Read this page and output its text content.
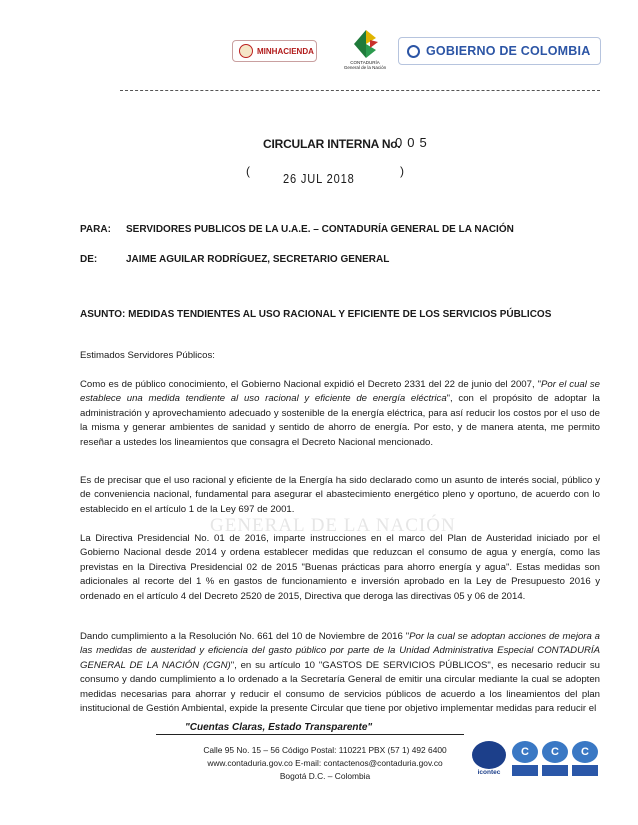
MINHACIENDA
CONTADURÍA
General de la Nación
GOBIERNO DE COLOMBIA
CIRCULAR INTERNA No.
005
(	26 JUL 2018	)
PARA: SERVIDORES PUBLICOS DE LA U.A.E. – CONTADURÍA GENERAL DE LA NACIÓN
DE:	JAIME AGUILAR RODRÍGUEZ, SECRETARIO GENERAL
ASUNTO: MEDIDAS TENDIENTES AL USO RACIONAL Y EFICIENTE DE LOS SERVICIOS PÚBLICOS
GENERAL DE LA NACIÓN
Estimados Servidores Públicos:
Como es de público conocimiento, el Gobierno Nacional expidió el Decreto 2331 del 22 de junio del 2007, "Por el cual se establece una medida tendiente al uso racional y eficiente de energía eléctrica", con el propósito de adoptar la administración y aprovechamiento adecuado y sostenible de la energía eléctrica, para así reducir los costos por el uso de la misma y generar ambientes de sanidad y sentido de ahorro de energía. Por esto, y de manera atenta, me permito reseñar a ustedes los lineamientos que consagra el Decreto Nacional mencionado.
Es de precisar que el uso racional y eficiente de la Energía ha sido declarado como un asunto de interés social, público y de conveniencia nacional, fundamental para asegurar el abastecimiento energético pleno y oportuno, de acuerdo con lo establecido en el artículo 1 de la Ley 697 de 2001.
La Directiva Presidencial No. 01 de 2016, imparte instrucciones en el marco del Plan de Austeridad iniciado por el Gobierno Nacional desde 2014 y ordena establecer medidas que reduzcan el consumo de agua y energía, como las previstas en la Directiva Presidencial 02 de 2015 "Buenas prácticas para ahorro energía y agua". Estas medidas son adicionales al recorte del 1 % en gastos de funcionamiento e inversión aprobado en la Ley de Presupuesto 2016 y ordenado en el artículo 4 del Decreto 2520 de 2015, Directiva que deroga las directivas 05 y 06 de 2014.
Dando cumplimiento a la Resolución No. 661 del 10 de Noviembre de 2016 "Por la cual se adoptan acciones de mejora a las medidas de austeridad y eficiencia del gasto público por parte de la Unidad Administrativa Especial CONTADURÍA GENERAL DE LA NACIÓN (CGN)", en su artículo 10 "GASTOS DE SERVICIOS PÚBLICOS", es necesario reducir su consumo y dando cumplimiento a lo ordenado a la Secretaría General de emitir una circular mediante la cual se adopten medidas necesarias para ahorrar y reducir el consumo de servicios públicos de acuerdo a los lineamientos del plan institucional de Gestión Ambiental, expide la presente Circular que tiene por objetivo implementar medidas para reducir el
"Cuentas Claras, Estado Transparente"
Calle 95 No. 15 – 56 Código Postal: 110221 PBX (57 1) 492 6400
www.contaduria.gov.co E-mail: contactenos@contaduria.gov.co
Bogotá D.C. – Colombia	icontec
C	C	C
